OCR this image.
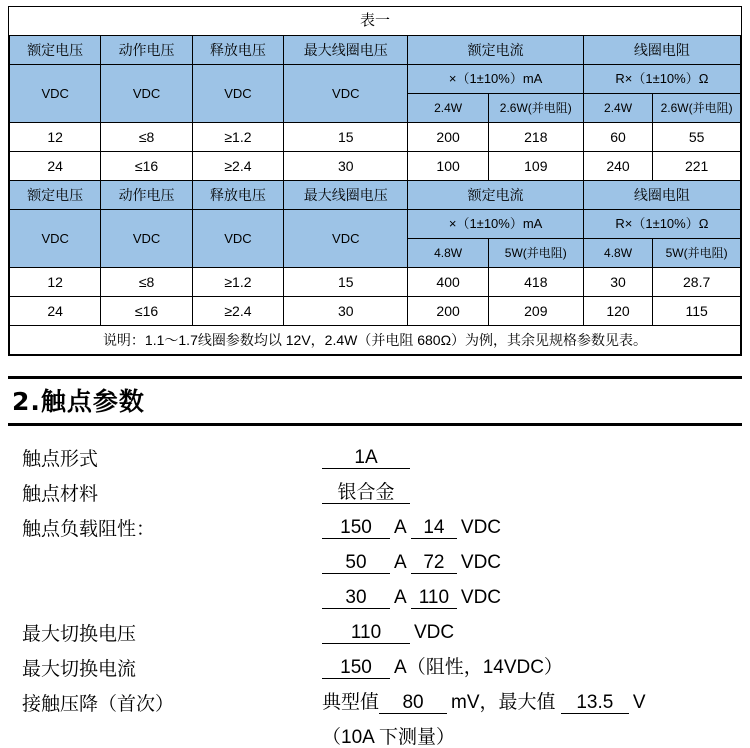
表一							
额定电压	动作电压	释放电压	最大线圈电压	额定电流		线圈电阻	
VDC	VDC	VDC	VDC	×（1±10%）mA		R×（1±10%）Ω	
				2.4W	2.6W(并电阻)	2.4W	2.6W(并电阻)
12	≤8	≥1.2	15	200	218	60	55
24	≤16	≥2.4	30	100	109	240	221
额定电压	动作电压	释放电压	最大线圈电压	额定电流		线圈电阻	
VDC	VDC	VDC	VDC	×（1±10%）mA		R×（1±10%）Ω	
				4.8W	5W(并电阻)	4.8W	5W(并电阻)
12	≤8	≥1.2	15	400	418	30	28.7
24	≤16	≥2.4	30	200	209	120	115
说明：1.1～1.7线圈参数均以 12V，2.4W（并电阻 680Ω）为例，其余见规格参数见表。							
2.触点参数
触点形式	1A
触点材料	银合金
触点负载阻性：	150 A 14 VDC
50 A 72 VDC
30 A 110 VDC
最大切换电压	110 VDC
最大切换电流	150 A（阻性，14VDC）
接触压降（首次）	典型值 80 mV，最大值 13.5 V
（10A 下测量）
